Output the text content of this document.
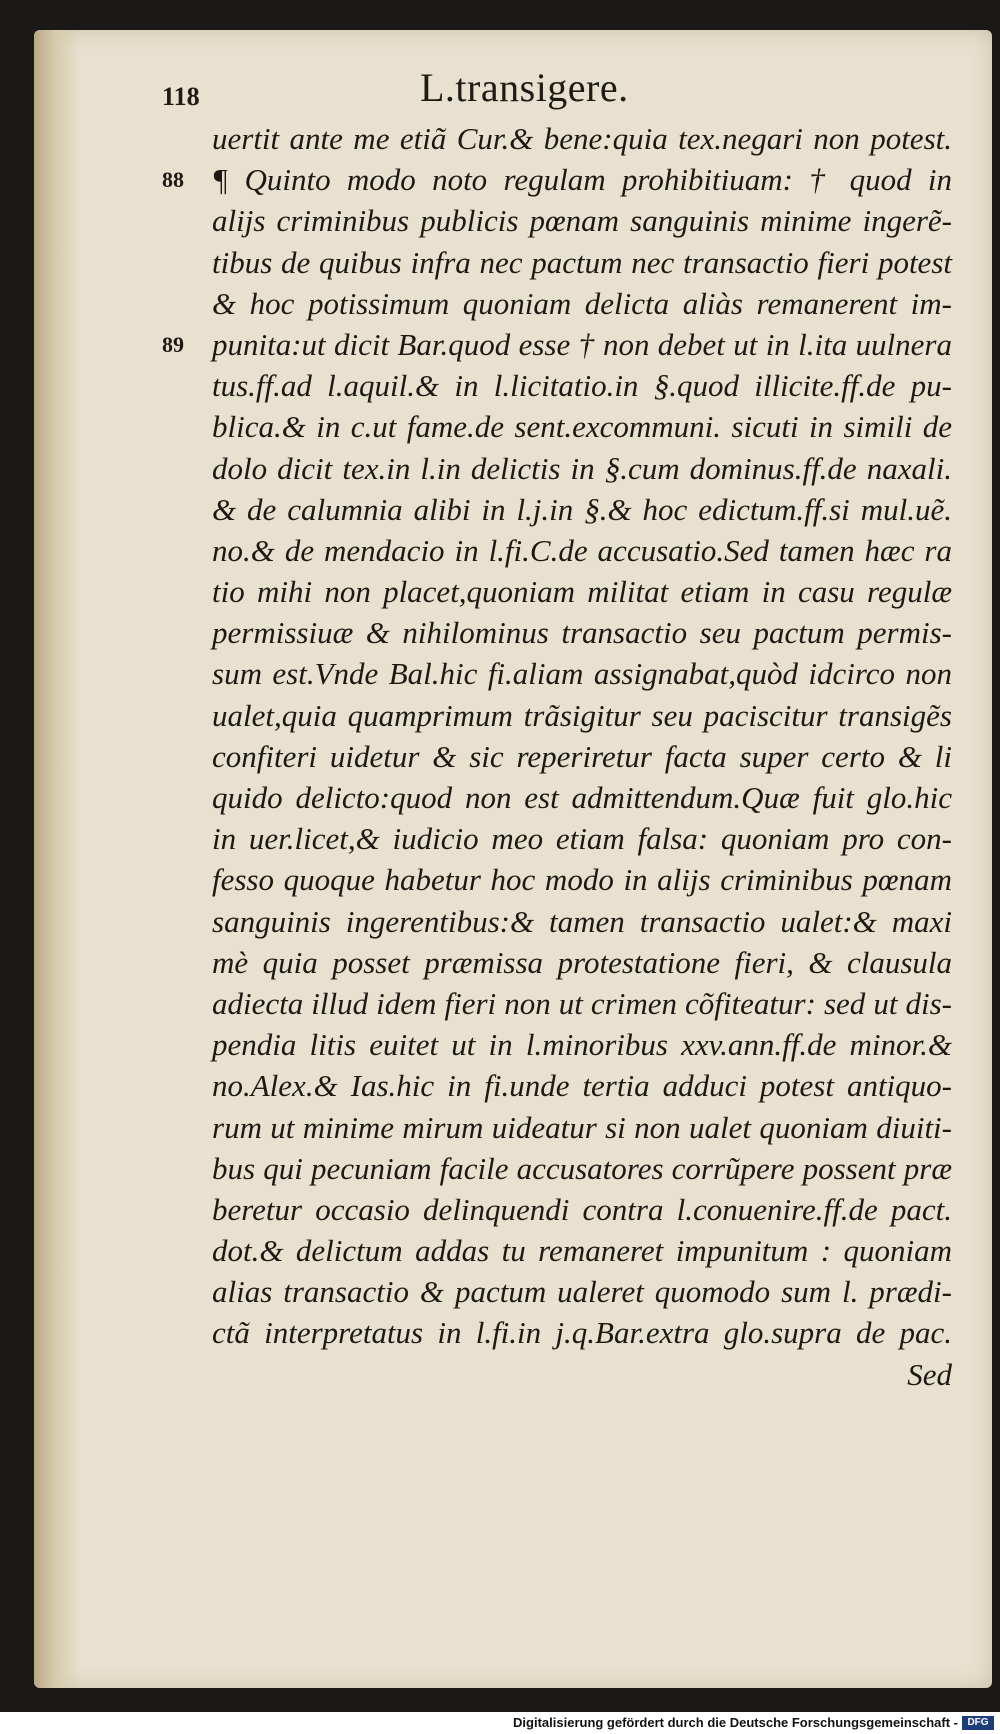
118	L.transigere.
uertit ante me etiã Cur.& bene:quia tex.negari non potest.
88 ¶ Quinto modo noto regulam prohibitiuam: † quod in
alijs criminibus publicis pœnam sanguinis minime ingerẽ-
tibus de quibus infra nec pactum nec transactio fieri potest
& hoc potissimum quoniam delicta aliàs remanerent im-
89 punita:ut dicit Bar.quod esse † non debet ut in l.ita uulnera
tus.ff.ad l.aquil.& in l.licitatio.in §.quod illicite.ff.de pu-
blica.& in c.ut fame.de sent.excommuni. sicuti in simili de
dolo dicit tex.in l.in delictis in §.cum dominus.ff.de naxali.
& de calumnia alibi in l.j.in §.& hoc edictum.ff.si mul.uẽ.
no.& de mendacio in l.fi.C.de accusatio.Sed tamen hæc ra
tio mihi non placet,quoniam militat etiam in casu regulæ
permissiuæ & nihilominus transactio seu pactum permis-
sum est.Vnde Bal.hic fi.aliam assignabat,quòd idcirco non
ualet,quia quamprimum trãsigitur seu paciscitur transigẽs
confiteri uidetur & sic reperiretur facta super certo & li
quido delicto:quod non est admittendum.Quæ fuit glo.hic
in uer.licet,& iudicio meo etiam falsa: quoniam pro con-
fesso quoque habetur hoc modo in alijs criminibus pœnam
sanguinis ingerentibus:& tamen transactio ualet:& maxi
mè quia posset præmissa protestatione fieri, & clausula
adiecta illud idem fieri non ut crimen cõfiteatur: sed ut dis-
pendia litis euitet ut in l.minoribus xxv.ann.ff.de minor.&
no.Alex.& Ias.hic in fi.unde tertia adduci potest antiquo-
rum ut minime mirum uideatur si non ualet quoniam diuiti-
bus qui pecuniam facile accusatores corrũpere possent præ
beretur occasio delinquendi contra l.conuenire.ff.de pact.
dot.& delictum addas tu remaneret impunitum : quoniam
alias transactio & pactum ualeret quomodo sum l. prædi-
ctã interpretatus in l.fi.in j.q.Bar.extra glo.supra de pac.
Sed
Digitalisierung gefördert durch die Deutsche Forschungsgemeinschaft - DFG
